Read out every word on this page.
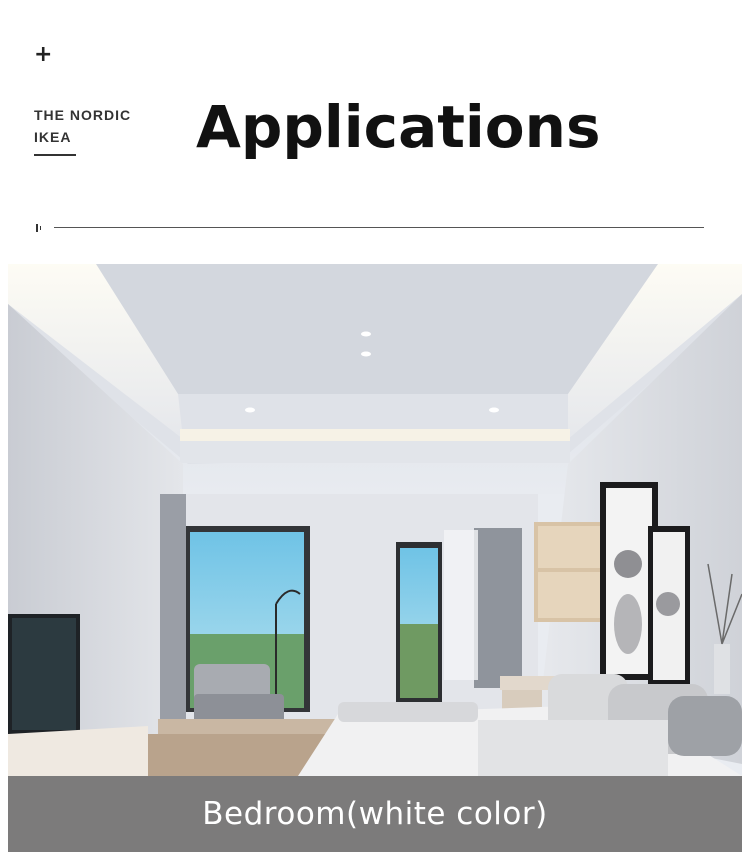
+
THE NORDIC
IKEA	Applications
Bedroom(white color)
